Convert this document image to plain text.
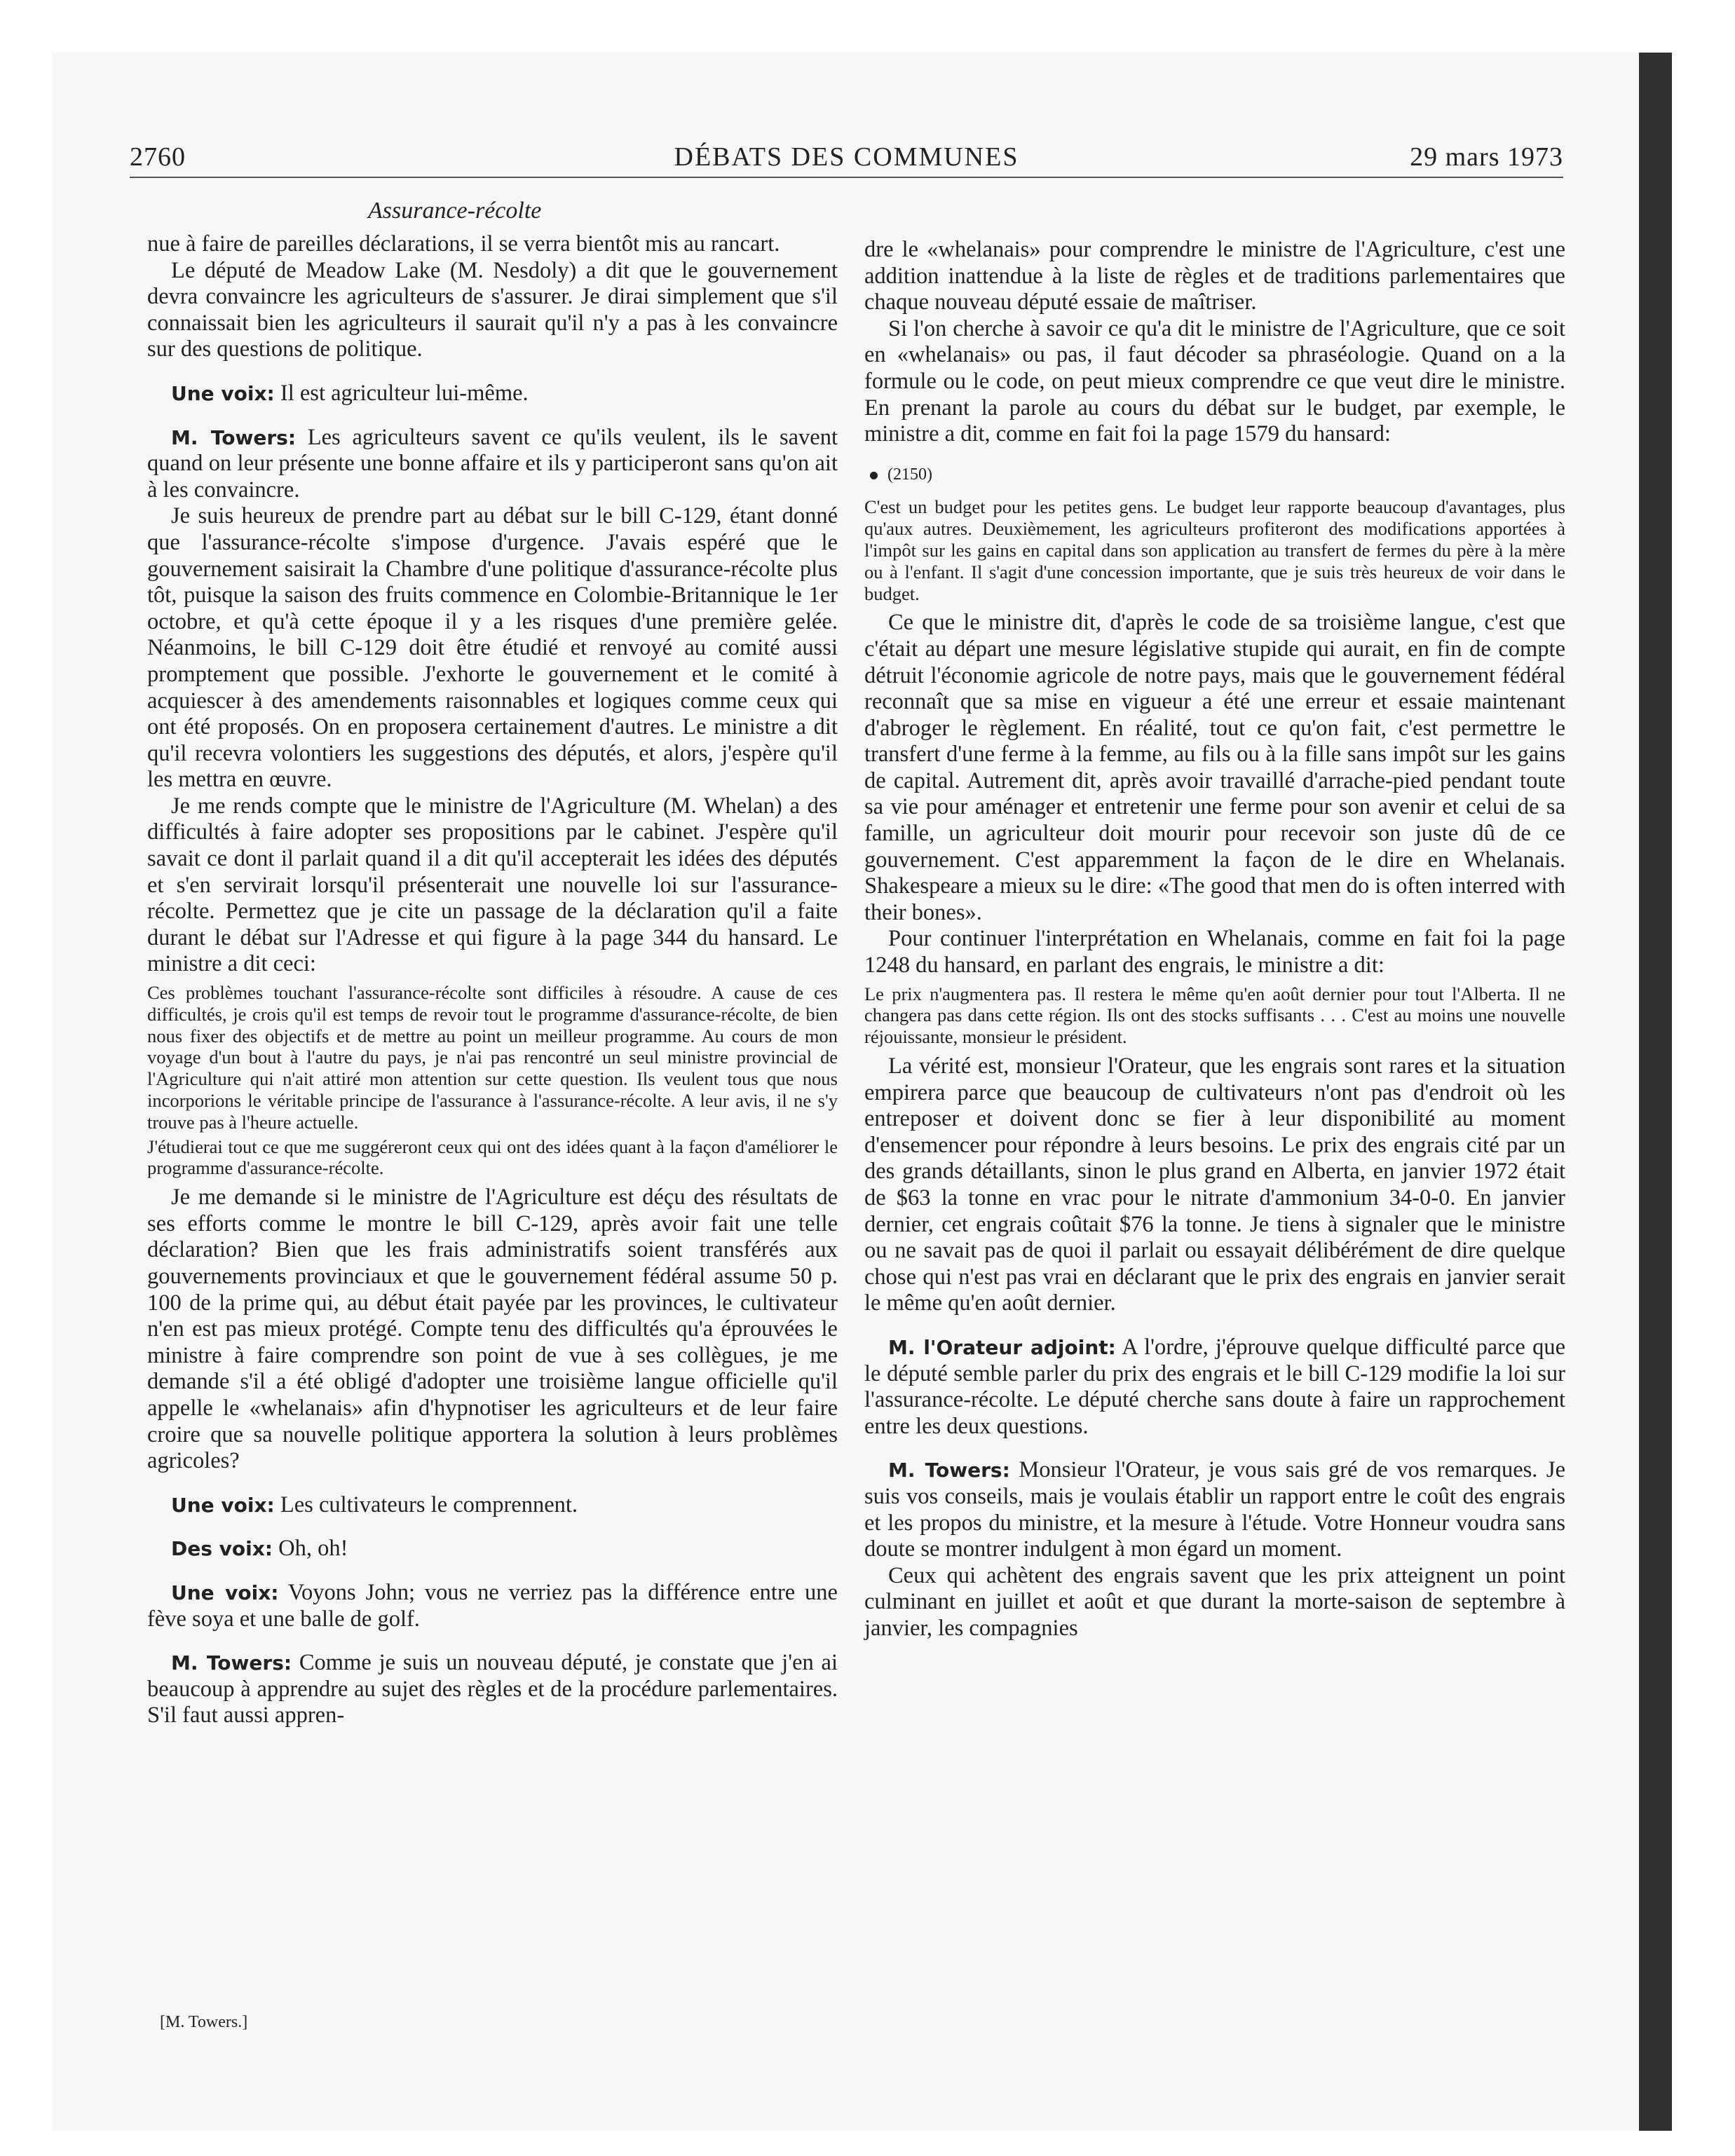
2760	DÉBATS DES COMMUNES	29 mars 1973
Assurance-récolte

nue à faire de pareilles déclarations, il se verra bientôt mis au rancart.

Le député de Meadow Lake (M. Nesdoly) a dit que le gouvernement devra convaincre les agriculteurs de s'assurer. Je dirai simplement que s'il connaissait bien les agriculteurs il saurait qu'il n'y a pas à les convaincre sur des questions de politique.

Une voix: Il est agriculteur lui-même.

M. Towers: Les agriculteurs savent ce qu'ils veulent, ils le savent quand on leur présente une bonne affaire et ils y participeront sans qu'on ait à les convaincre.

Je suis heureux de prendre part au débat sur le bill C-129, étant donné que l'assurance-récolte s'impose d'urgence. J'avais espéré que le gouvernement saisirait la Chambre d'une politique d'assurance-récolte plus tôt, puisque la saison des fruits commence en Colombie-Britannique le 1er octobre, et qu'à cette époque il y a les risques d'une première gelée. Néanmoins, le bill C-129 doit être étudié et renvoyé au comité aussi promptement que possible. J'exhorte le gouvernement et le comité à acquiescer à des amendements raisonnables et logiques comme ceux qui ont été proposés. On en proposera certainement d'autres. Le ministre a dit qu'il recevra volontiers les suggestions des députés, et alors, j'espère qu'il les mettra en œuvre.

Je me rends compte que le ministre de l'Agriculture (M. Whelan) a des difficultés à faire adopter ses propositions par le cabinet. J'espère qu'il savait ce dont il parlait quand il a dit qu'il accepterait les idées des députés et s'en servirait lorsqu'il présenterait une nouvelle loi sur l'assurance-récolte. Permettez que je cite un passage de la déclaration qu'il a faite durant le débat sur l'Adresse et qui figure à la page 344 du hansard. Le ministre a dit ceci:

Ces problèmes touchant l'assurance-récolte sont difficiles à résoudre. A cause de ces difficultés, je crois qu'il est temps de revoir tout le programme d'assurance-récolte, de bien nous fixer des objectifs et de mettre au point un meilleur programme. Au cours de mon voyage d'un bout à l'autre du pays, je n'ai pas rencontré un seul ministre provincial de l'Agriculture qui n'ait attiré mon attention sur cette question. Ils veulent tous que nous incorporions le véritable principe de l'assurance à l'assurance-récolte. A leur avis, il ne s'y trouve pas à l'heure actuelle.

J'étudierai tout ce que me suggéreront ceux qui ont des idées quant à la façon d'améliorer le programme d'assurance-récolte.

Je me demande si le ministre de l'Agriculture est déçu des résultats de ses efforts comme le montre le bill C-129, après avoir fait une telle déclaration? Bien que les frais administratifs soient transférés aux gouvernements provinciaux et que le gouvernement fédéral assume 50 p. 100 de la prime qui, au début était payée par les provinces, le cultivateur n'en est pas mieux protégé. Compte tenu des difficultés qu'a éprouvées le ministre à faire comprendre son point de vue à ses collègues, je me demande s'il a été obligé d'adopter une troisième langue officielle qu'il appelle le «whelanais» afin d'hypnotiser les agriculteurs et de leur faire croire que sa nouvelle politique apportera la solution à leurs problèmes agricoles?

Une voix: Les cultivateurs le comprennent.

Des voix: Oh, oh!

Une voix: Voyons John; vous ne verriez pas la différence entre une fève soya et une balle de golf.

M. Towers: Comme je suis un nouveau député, je constate que j'en ai beaucoup à apprendre au sujet des règles et de la procédure parlementaires. S'il faut aussi appren-

[M. Towers.]

dre le «whelanais» pour comprendre le ministre de l'Agriculture, c'est une addition inattendue à la liste de règles et de traditions parlementaires que chaque nouveau député essaie de maîtriser.

Si l'on cherche à savoir ce qu'a dit le ministre de l'Agriculture, que ce soit en «whelanais» ou pas, il faut décoder sa phraséologie. Quand on a la formule ou le code, on peut mieux comprendre ce que veut dire le ministre. En prenant la parole au cours du débat sur le budget, par exemple, le ministre a dit, comme en fait foi la page 1579 du hansard:

(2150)

C'est un budget pour les petites gens. Le budget leur rapporte beaucoup d'avantages, plus qu'aux autres. Deuxièmement, les agriculteurs profiteront des modifications apportées à l'impôt sur les gains en capital dans son application au transfert de fermes du père à la mère ou à l'enfant. Il s'agit d'une concession importante, que je suis très heureux de voir dans le budget.

Ce que le ministre dit, d'après le code de sa troisième langue, c'est que c'était au départ une mesure législative stupide qui aurait, en fin de compte détruit l'économie agricole de notre pays, mais que le gouvernement fédéral reconnaît que sa mise en vigueur a été une erreur et essaie maintenant d'abroger le règlement. En réalité, tout ce qu'on fait, c'est permettre le transfert d'une ferme à la femme, au fils ou à la fille sans impôt sur les gains de capital. Autrement dit, après avoir travaillé d'arrache-pied pendant toute sa vie pour aménager et entretenir une ferme pour son avenir et celui de sa famille, un agriculteur doit mourir pour recevoir son juste dû de ce gouvernement. C'est apparemment la façon de le dire en Whelanais. Shakespeare a mieux su le dire: «The good that men do is often interred with their bones».

Pour continuer l'interprétation en Whelanais, comme en fait foi la page 1248 du hansard, en parlant des engrais, le ministre a dit:

Le prix n'augmentera pas. Il restera le même qu'en août dernier pour tout l'Alberta. Il ne changera pas dans cette région. Ils ont des stocks suffisants . . . C'est au moins une nouvelle réjouissante, monsieur le président.

La vérité est, monsieur l'Orateur, que les engrais sont rares et la situation empirera parce que beaucoup de cultivateurs n'ont pas d'endroit où les entreposer et doivent donc se fier à leur disponibilité au moment d'ensemencer pour répondre à leurs besoins. Le prix des engrais cité par un des grands détaillants, sinon le plus grand en Alberta, en janvier 1972 était de $63 la tonne en vrac pour le nitrate d'ammonium 34-0-0. En janvier dernier, cet engrais coûtait $76 la tonne. Je tiens à signaler que le ministre ou ne savait pas de quoi il parlait ou essayait délibérément de dire quelque chose qui n'est pas vrai en déclarant que le prix des engrais en janvier serait le même qu'en août dernier.

M. l'Orateur adjoint: A l'ordre, j'éprouve quelque difficulté parce que le député semble parler du prix des engrais et le bill C-129 modifie la loi sur l'assurance-récolte. Le député cherche sans doute à faire un rapprochement entre les deux questions.

M. Towers: Monsieur l'Orateur, je vous sais gré de vos remarques. Je suis vos conseils, mais je voulais établir un rapport entre le coût des engrais et les propos du ministre, et la mesure à l'étude. Votre Honneur voudra sans doute se montrer indulgent à mon égard un moment.

Ceux qui achètent des engrais savent que les prix atteignent un point culminant en juillet et août et que durant la morte-saison de septembre à janvier, les compagnies
